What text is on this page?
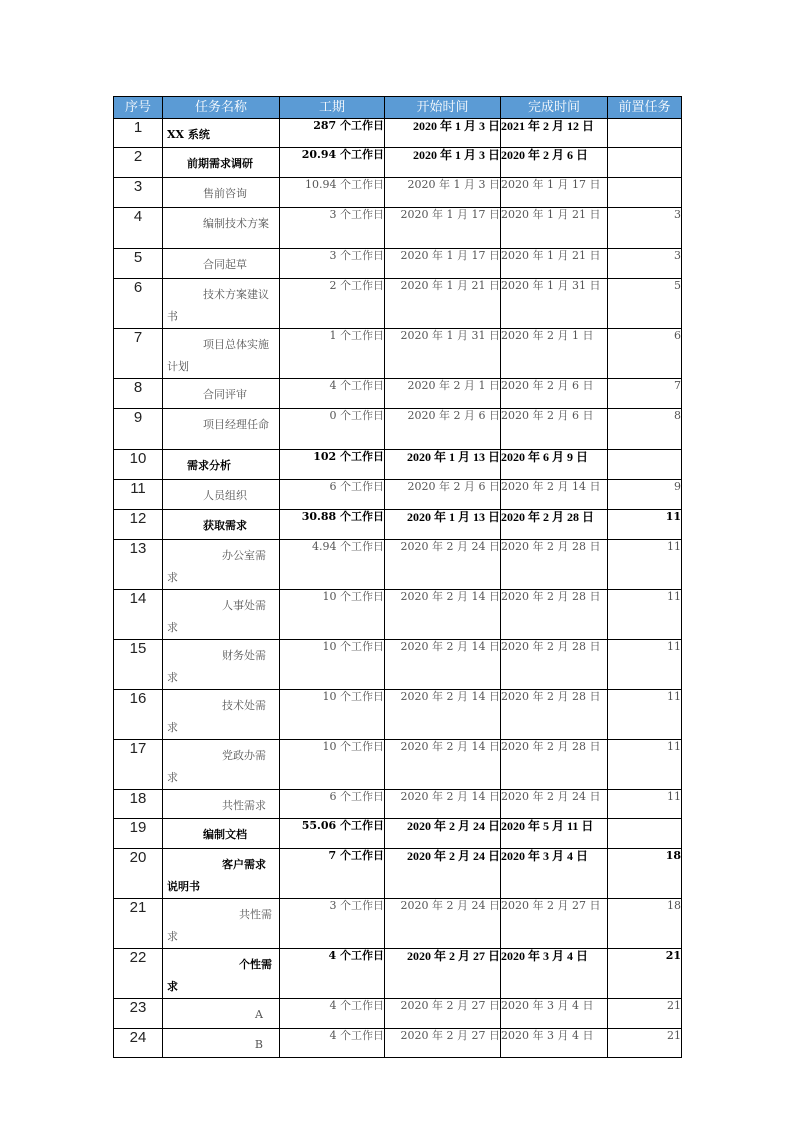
序号	任务名称	工期	开始时间	完成时间	前置任务
1	XX 系统	287 个工作日	2020 年 1 月 3 日	2021 年 2 月 12 日	
2	前期需求调研	20.94 个工作日	2020 年 1 月 3 日	2020 年 2 月 6 日	
3	售前咨询	10.94 个工作日	2020 年 1 月 3 日	2020 年 1 月 17 日	
4	编制技术方案	3 个工作日	2020 年 1 月 17 日	2020 年 1 月 21 日	3
5	合同起草	3 个工作日	2020 年 1 月 17 日	2020 年 1 月 21 日	3
6	技术方案建议书	2 个工作日	2020 年 1 月 21 日	2020 年 1 月 31 日	5
7	项目总体实施计划	1 个工作日	2020 年 1 月 31 日	2020 年 2 月 1 日	6
8	合同评审	4 个工作日	2020 年 2 月 1 日	2020 年 2 月 6 日	7
9	项目经理任命	0 个工作日	2020 年 2 月 6 日	2020 年 2 月 6 日	8
10	需求分析	102 个工作日	2020 年 1 月 13 日	2020 年 6 月 9 日	
11	人员组织	6 个工作日	2020 年 2 月 6 日	2020 年 2 月 14 日	9
12	获取需求	30.88 个工作日	2020 年 1 月 13 日	2020 年 2 月 28 日	11
13	办公室需求	4.94 个工作日	2020 年 2 月 24 日	2020 年 2 月 28 日	11
14	人事处需求	10 个工作日	2020 年 2 月 14 日	2020 年 2 月 28 日	11
15	财务处需求	10 个工作日	2020 年 2 月 14 日	2020 年 2 月 28 日	11
16	技术处需求	10 个工作日	2020 年 2 月 14 日	2020 年 2 月 28 日	11
17	党政办需求	10 个工作日	2020 年 2 月 14 日	2020 年 2 月 28 日	11
18	共性需求	6 个工作日	2020 年 2 月 14 日	2020 年 2 月 24 日	11
19	编制文档	55.06 个工作日	2020 年 2 月 24 日	2020 年 5 月 11 日	
20	客户需求说明书	7 个工作日	2020 年 2 月 24 日	2020 年 3 月 4 日	18
21	共性需求	3 个工作日	2020 年 2 月 24 日	2020 年 2 月 27 日	18
22	个性需求	4 个工作日	2020 年 2 月 27 日	2020 年 3 月 4 日	21
23	A	4 个工作日	2020 年 2 月 27 日	2020 年 3 月 4 日	21
24	B	4 个工作日	2020 年 2 月 27 日	2020 年 3 月 4 日	21
